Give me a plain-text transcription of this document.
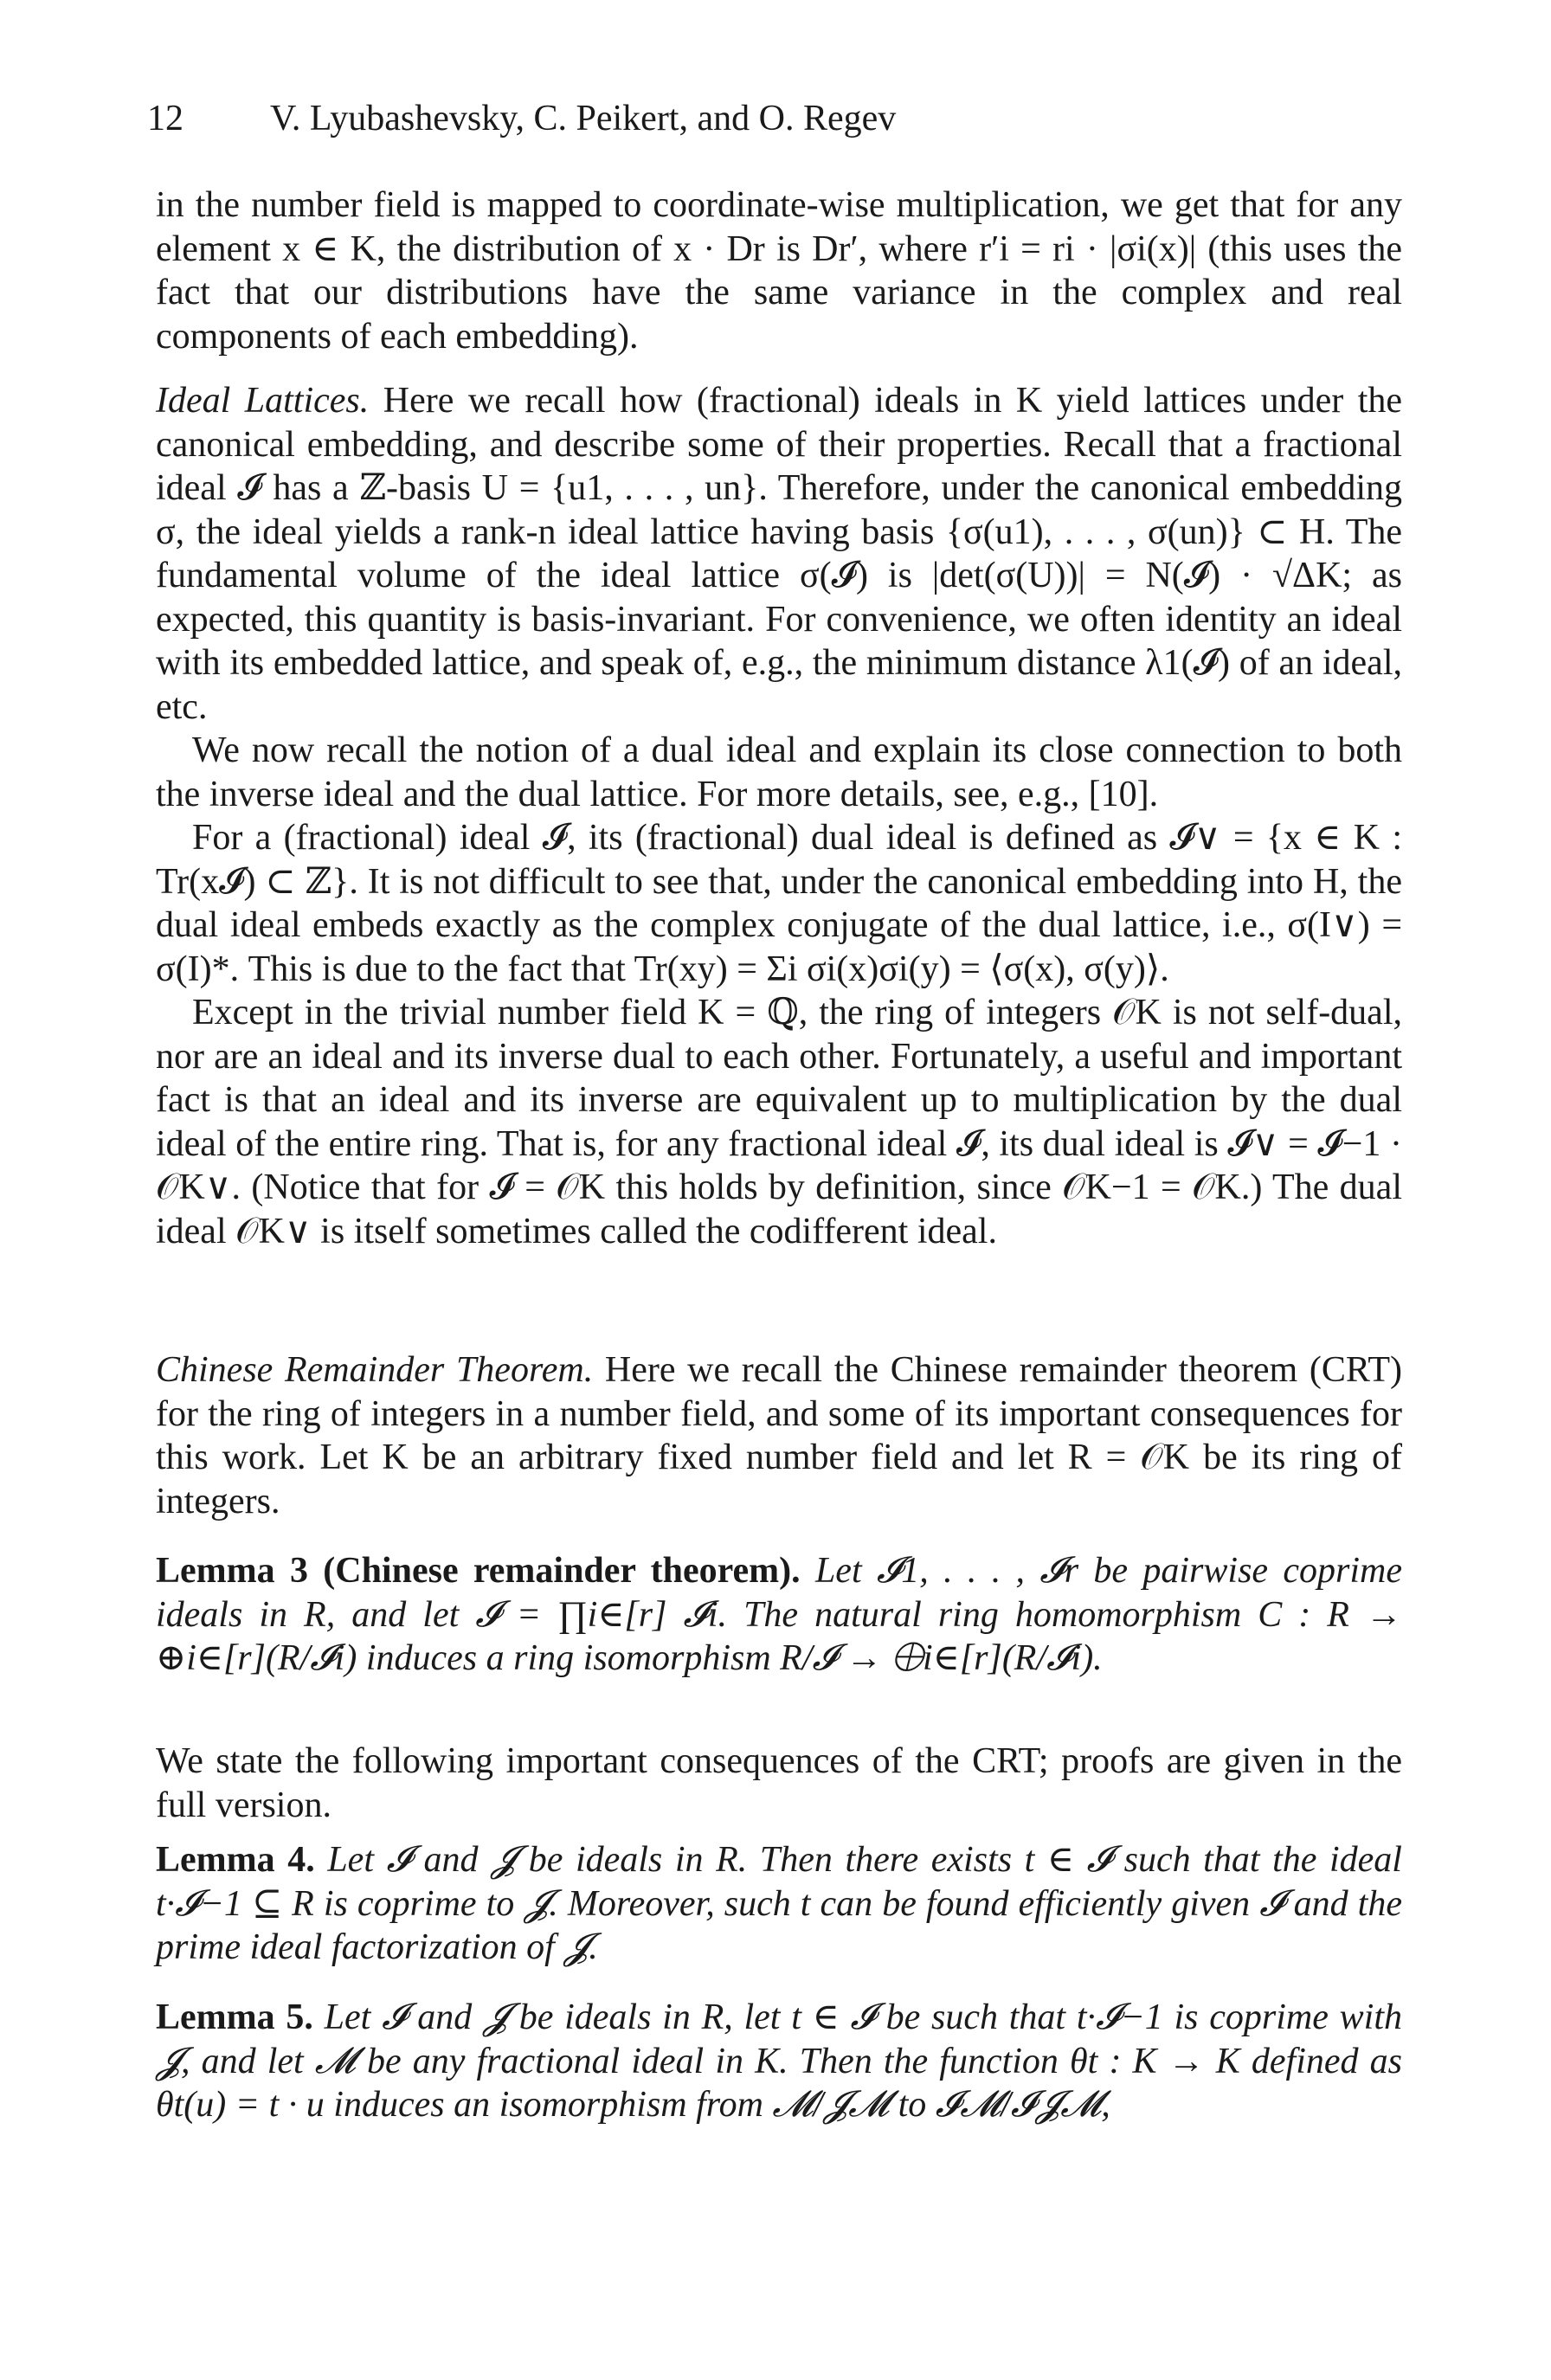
12 V. Lyubashevsky, C. Peikert, and O. Regev

in the number field is mapped to coordinate-wise multiplication, we get that for any element x ∈ K, the distribution of x · Dr is Dr′, where r′i = ri · |σi(x)| (this uses the fact that our distributions have the same variance in the complex and real components of each embedding).

Ideal Lattices. Here we recall how (fractional) ideals in K yield lattices under the canonical embedding, and describe some of their properties. Recall that a fractional ideal 𝓘 has a ℤ-basis U = {u1, . . . , un}. Therefore, under the canonical embedding σ, the ideal yields a rank-n ideal lattice having basis {σ(u1), . . . , σ(un)} ⊂ H. The fundamental volume of the ideal lattice σ(𝓘) is |det(σ(U))| = N(𝓘) · √ΔK; as expected, this quantity is basis-invariant. For convenience, we often identity an ideal with its embedded lattice, and speak of, e.g., the minimum distance λ1(𝓘) of an ideal, etc.

We now recall the notion of a dual ideal and explain its close connection to both the inverse ideal and the dual lattice. For more details, see, e.g., [10].

For a (fractional) ideal 𝓘, its (fractional) dual ideal is defined as 𝓘∨ = {x ∈ K : Tr(x𝓘) ⊂ ℤ}. It is not difficult to see that, under the canonical embedding into H, the dual ideal embeds exactly as the complex conjugate of the dual lattice, i.e., σ(I∨) = σ(I)*. This is due to the fact that Tr(xy) = Σi σi(x)σi(y) = ⟨σ(x), σ(y)⟩.

Except in the trivial number field K = ℚ, the ring of integers 𝒪K is not self-dual, nor are an ideal and its inverse dual to each other. Fortunately, a useful and important fact is that an ideal and its inverse are equivalent up to multiplication by the dual ideal of the entire ring. That is, for any fractional ideal 𝓘, its dual ideal is 𝓘∨ = 𝓘−1 · 𝒪K∨. (Notice that for 𝓘 = 𝒪K this holds by definition, since 𝒪K−1 = 𝒪K.) The dual ideal 𝒪K∨ is itself sometimes called the codifferent ideal.

Chinese Remainder Theorem. Here we recall the Chinese remainder theorem (CRT) for the ring of integers in a number field, and some of its important consequences for this work. Let K be an arbitrary fixed number field and let R = 𝒪K be its ring of integers.

Lemma 3 (Chinese remainder theorem). Let 𝓘1, . . . , 𝓘r be pairwise coprime ideals in R, and let 𝓘 = ∏i∈[r] 𝓘i. The natural ring homomorphism C : R → ⊕i∈[r](R/𝓘i) induces a ring isomorphism R/𝓘 → ⨁i∈[r](R/𝓘i).

We state the following important consequences of the CRT; proofs are given in the full version.

Lemma 4. Let 𝓘 and 𝓙 be ideals in R. Then there exists t ∈ 𝓘 such that the ideal t·𝓘−1 ⊆ R is coprime to 𝓙. Moreover, such t can be found efficiently given 𝓘 and the prime ideal factorization of 𝓙.

Lemma 5. Let 𝓘 and 𝓙 be ideals in R, let t ∈ 𝓘 be such that t·𝓘−1 is coprime with 𝓙, and let 𝓜 be any fractional ideal in K. Then the function θt : K → K defined as θt(u) = t · u induces an isomorphism from 𝓜/𝓙𝓜 to 𝓘𝓜/𝓘𝓙𝓜,
